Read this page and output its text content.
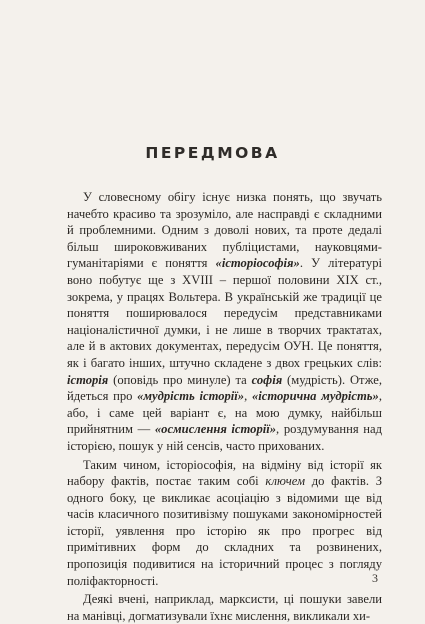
ПЕРЕДМОВА

У словесному обігу існує низка понять, що звучать начебто красиво та зрозуміло, але насправді є складними й проблемними. Одним з доволі нових, та проте дедалі більш широковживаних публіцистами, науковцями-гуманітаріями є поняття «історіософія». У літературі воно побутує ще з XVIII – першої половини XIX ст., зокрема, у працях Вольтера. В українській же традиції це поняття поширювалося передусім представниками націоналістичної думки, і не лише в творчих трактатах, але й в актових документах, передусім ОУН. Це поняття, як і багато інших, штучно складене з двох грецьких слів: історія (оповідь про минуле) та софія (мудрість). Отже, йдеться про «мудрість історії», «історична мудрість», або, і саме цей варіант є, на мою думку, найбільш прийнятним — «осмислення історії», роздумування над історією, пошук у ній сенсів, часто прихованих.

Таким чином, історіософія, на відміну від історії як набору фактів, постає таким собі ключем до фактів. З одного боку, це викликає асоціацію з відомими ще від часів класичного позитивізму пошуками закономірностей історії, уявлення про історію як про прогрес від примітивних форм до складних та розвинених, пропозиція подивитися на історичний процес з погляду поліфакторності.

Деякі вчені, наприклад, марксисти, ці пошуки завели на манівці, догматизували їхнє мислення, викликали хи-

3
